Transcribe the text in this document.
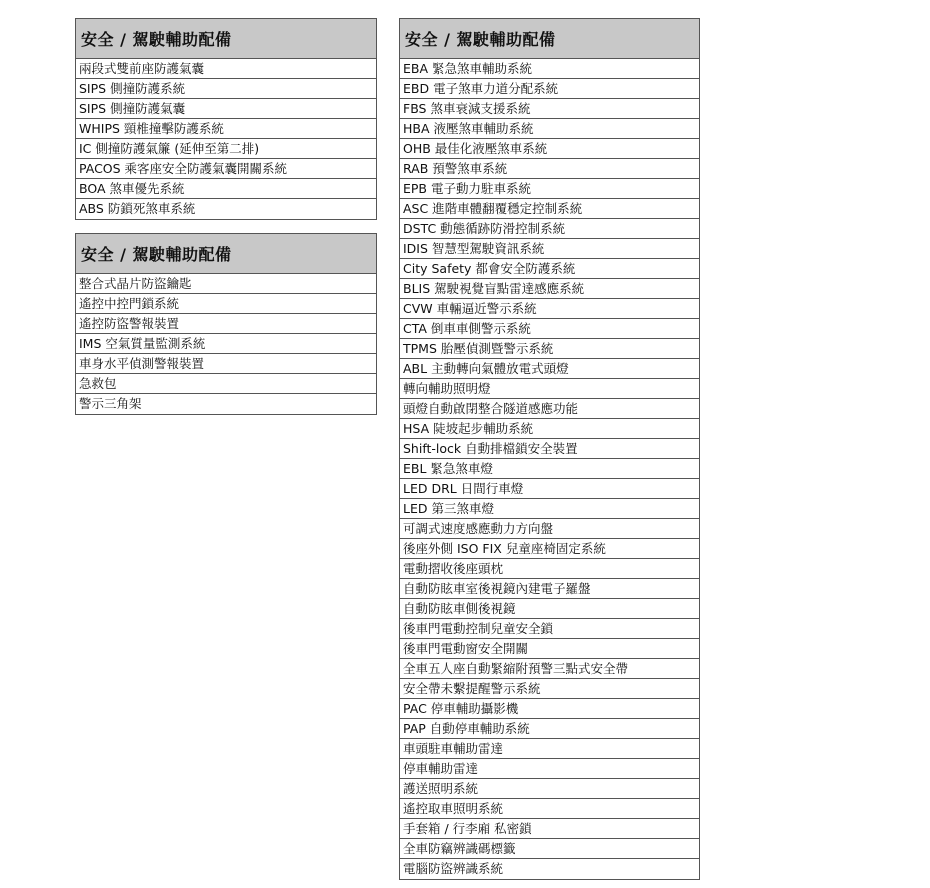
安全 / 駕駛輔助配備
兩段式雙前座防護氣囊
SIPS 側撞防護系統
SIPS 側撞防護氣囊
WHIPS 頸椎撞擊防護系統
IC 側撞防護氣簾 (延伸至第二排)
PACOS 乘客座安全防護氣囊開關系統
BOA 煞車優先系統
ABS 防鎖死煞車系統
安全 / 駕駛輔助配備
整合式晶片防盜鑰匙
遙控中控門鎖系統
遙控防盜警報裝置
IMS 空氣質量監測系統
車身水平偵測警報裝置
急救包
警示三角架
安全 / 駕駛輔助配備
EBA 緊急煞車輔助系統
EBD 電子煞車力道分配系統
FBS 煞車衰減支援系統
HBA 液壓煞車輔助系統
OHB 最佳化液壓煞車系統
RAB 預警煞車系統
EPB 電子動力駐車系統
ASC 進階車體翻覆穩定控制系統
DSTC 動態循跡防滑控制系統
IDIS 智慧型駕駛資訊系統
City Safety 都會安全防護系統
BLIS 駕駛視覺盲點雷達感應系統
CVW 車輛逼近警示系統
CTA 倒車車側警示系統
TPMS 胎壓偵測暨警示系統
ABL 主動轉向氣體放電式頭燈
轉向輔助照明燈
頭燈自動啟閉整合隧道感應功能
HSA 陡坡起步輔助系統
Shift-lock 自動排檔鎖安全裝置
EBL 緊急煞車燈
LED DRL 日間行車燈
LED 第三煞車燈
可調式速度感應動力方向盤
後座外側 ISO FIX 兒童座椅固定系統
電動摺收後座頭枕
自動防眩車室後視鏡內建電子羅盤
自動防眩車側後視鏡
後車門電動控制兒童安全鎖
後車門電動窗安全開關
全車五人座自動緊縮附預警三點式安全帶
安全帶未繫提醒警示系統
PAC 停車輔助攝影機
PAP 自動停車輔助系統
車頭駐車輔助雷達
停車輔助雷達
護送照明系統
遙控取車照明系統
手套箱 / 行李廂 私密鎖
全車防竊辨識碼標籤
電腦防盜辨識系統
